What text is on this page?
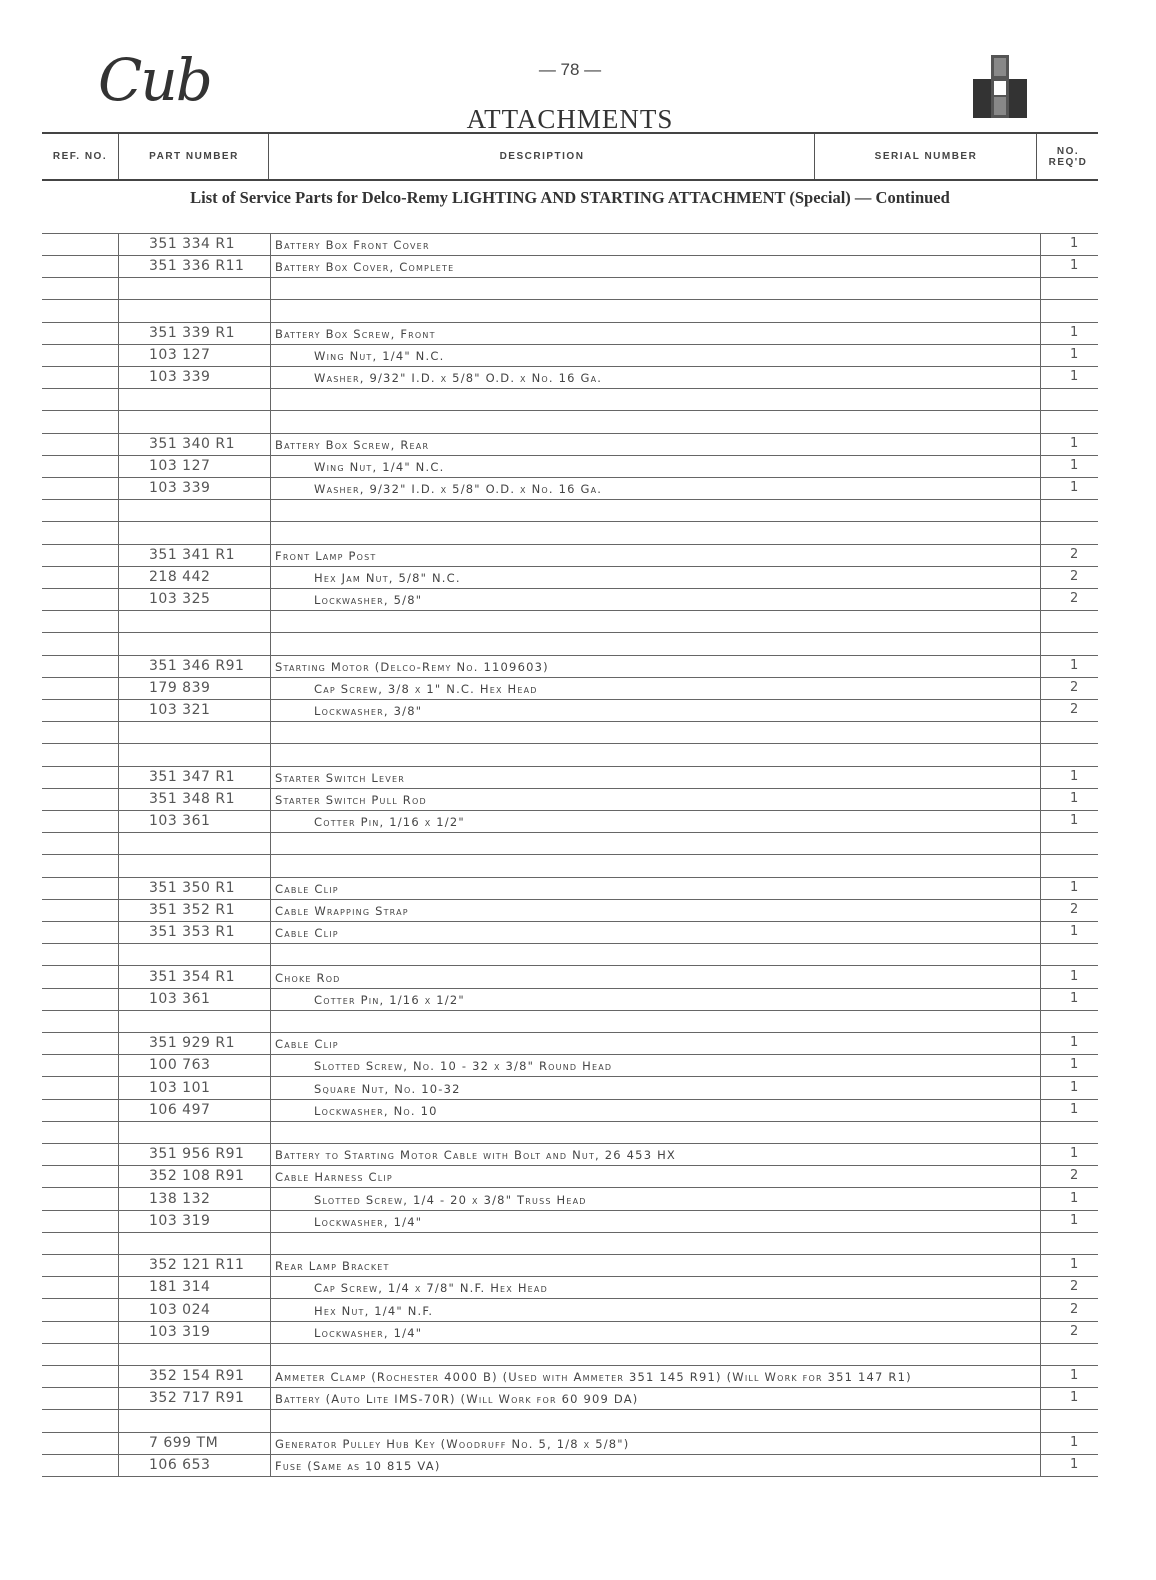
Cub	— 78 —
ATTACHMENTS
REF. NO.	PART NUMBER	DESCRIPTION	SERIAL NUMBER	NO. REQ'D
List of Service Parts for Delco-Remy LIGHTING AND STARTING ATTACHMENT (Special) — Continued
351 334 R1	Battery Box Front Cover	1
351 336 R11	Battery Box Cover, Complete	1
351 339 R1	Battery Box Screw, Front	1
103 127	Wing Nut, 1/4" N.C.	1
103 339	Washer, 9/32" I.D. x 5/8" O.D. x No. 16 Ga.	1
351 340 R1	Battery Box Screw, Rear	1
103 127	Wing Nut, 1/4" N.C.	1
103 339	Washer, 9/32" I.D. x 5/8" O.D. x No. 16 Ga.	1
351 341 R1	Front Lamp Post	2
218 442	Hex Jam Nut, 5/8" N.C.	2
103 325	Lockwasher, 5/8"	2
351 346 R91	Starting Motor (Delco-Remy No. 1109603)	1
179 839	Cap Screw, 3/8 x 1" N.C. Hex Head	2
103 321	Lockwasher, 3/8"	2
351 347 R1	Starter Switch Lever	1
351 348 R1	Starter Switch Pull Rod	1
103 361	Cotter Pin, 1/16 x 1/2"	1
351 350 R1	Cable Clip	1
351 352 R1	Cable Wrapping Strap	2
351 353 R1	Cable Clip	1
351 354 R1	Choke Rod	1
103 361	Cotter Pin, 1/16 x 1/2"	1
351 929 R1	Cable Clip	1
100 763	Slotted Screw, No. 10 - 32 x 3/8" Round Head	1
103 101	Square Nut, No. 10-32	1
106 497	Lockwasher, No. 10	1
351 956 R91	Battery to Starting Motor Cable with Bolt and Nut, 26 453 HX	1
352 108 R91	Cable Harness Clip	2
138 132	Slotted Screw, 1/4 - 20 x 3/8" Truss Head	1
103 319	Lockwasher, 1/4"	1
352 121 R11	Rear Lamp Bracket	1
181 314	Cap Screw, 1/4 x 7/8" N.F. Hex Head	2
103 024	Hex Nut, 1/4" N.F.	2
103 319	Lockwasher, 1/4"	2
352 154 R91	Ammeter Clamp (Rochester 4000 B) (Used with Ammeter 351 145 R91) (Will Work for 351 147 R1)	1
352 717 R91	Battery (Auto Lite IMS-70R) (Will Work for 60 909 DA)	1
7 699 TM	Generator Pulley Hub Key (Woodruff No. 5, 1/8 x 5/8")	1
106 653	Fuse (Same as 10 815 VA)	1
